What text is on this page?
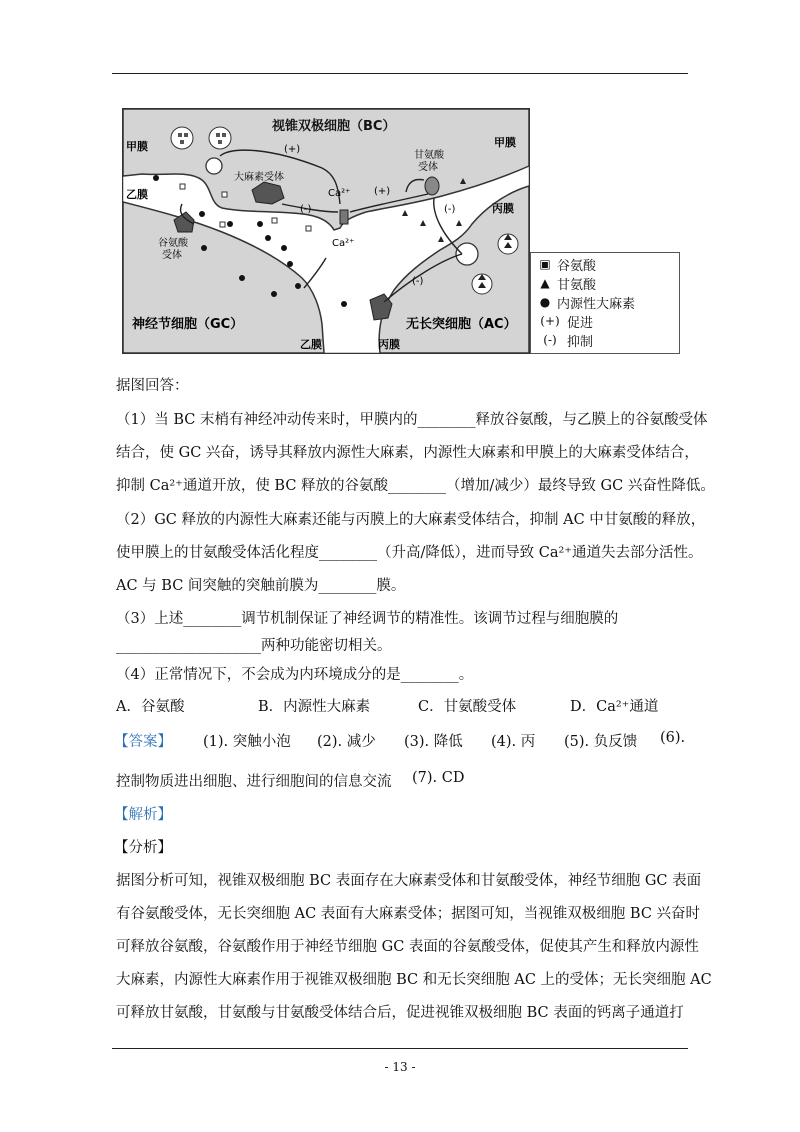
视锥双极细胞（BC）
甲膜	甲膜
乙膜
乙膜
丙膜
丙膜
神经节细胞（GC）	无长突细胞（AC）
大麻素受体
甘氨酸
受体
谷氨酸
受体
Ca²⁺
Ca²⁺
(+)
(+)
(-)	(-)
(-)
▣ 谷氨酸
▲ 甘氨酸
● 内源性大麻素
(+) 促进
(-) 抑制
据图回答：
（1）当 BC 末梢有神经冲动传来时，甲膜内的________释放谷氨酸，与乙膜上的谷氨酸受体
结合，使 GC 兴奋，诱导其释放内源性大麻素，内源性大麻素和甲膜上的大麻素受体结合，
抑制 Ca²⁺通道开放，使 BC 释放的谷氨酸________（增加/减少）最终导致 GC 兴奋性降低。
（2）GC 释放的内源性大麻素还能与丙膜上的大麻素受体结合，抑制 AC 中甘氨酸的释放，
使甲膜上的甘氨酸受体活化程度________（升高/降低），进而导致 Ca²⁺通道失去部分活性。
AC 与 BC 间突触的突触前膜为________膜。
（3）上述________调节机制保证了神经调节的精准性。该调节过程与细胞膜的
____________________两种功能密切相关。
（4）正常情况下，不会成为内环境成分的是________。
A．谷氨酸	B．内源性大麻素	C．甘氨酸受体	D．Ca²⁺通道
【答案】 (1). 突触小泡 (2). 减少 (3). 降低 (4). 丙 (5). 负反馈 (6).
控制物质进出细胞、进行细胞间的信息交流 (7). CD
【解析】
【分析】
据图分析可知，视锥双极细胞 BC 表面存在大麻素受体和甘氨酸受体，神经节细胞 GC 表面
有谷氨酸受体，无长突细胞 AC 表面有大麻素受体；据图可知，当视锥双极细胞 BC 兴奋时
可释放谷氨酸，谷氨酸作用于神经节细胞 GC 表面的谷氨酸受体，促使其产生和释放内源性
大麻素，内源性大麻素作用于视锥双极细胞 BC 和无长突细胞 AC 上的受体；无长突细胞 AC
可释放甘氨酸，甘氨酸与甘氨酸受体结合后，促进视锥双极细胞 BC 表面的钙离子通道打
- 13 -
